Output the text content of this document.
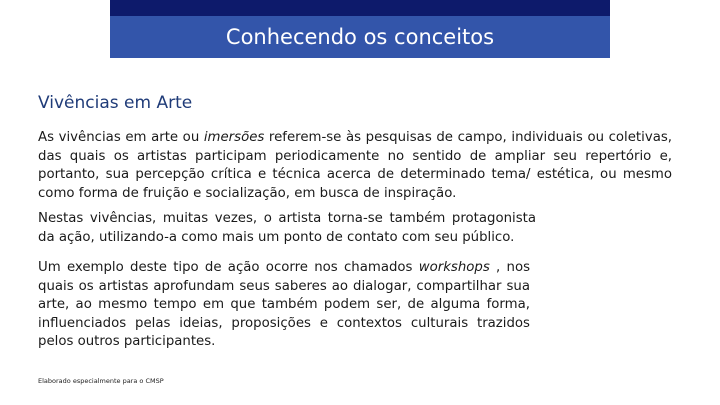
Conhecendo os conceitos
Vivências em Arte

As vivências em arte ou imersões referem-se às pesquisas de campo, individuais ou coletivas, das quais os artistas participam periodicamente no sentido de ampliar seu repertório e, portanto, sua percepção crítica e técnica acerca de determinado tema/ estética, ou mesmo como forma de fruição e socialização, em busca de inspiração.

Nestas vivências, muitas vezes, o artista torna-se também protagonista da ação, utilizando-a como mais um ponto de contato com seu público.

Um exemplo deste tipo de ação ocorre nos chamados workshops , nos quais os artistas aprofundam seus saberes ao dialogar, compartilhar sua arte, ao mesmo tempo em que também podem ser, de alguma forma, influenciados pelas ideias, proposições e contextos culturais trazidos pelos outros participantes.

Elaborado especialmente para o CMSP
